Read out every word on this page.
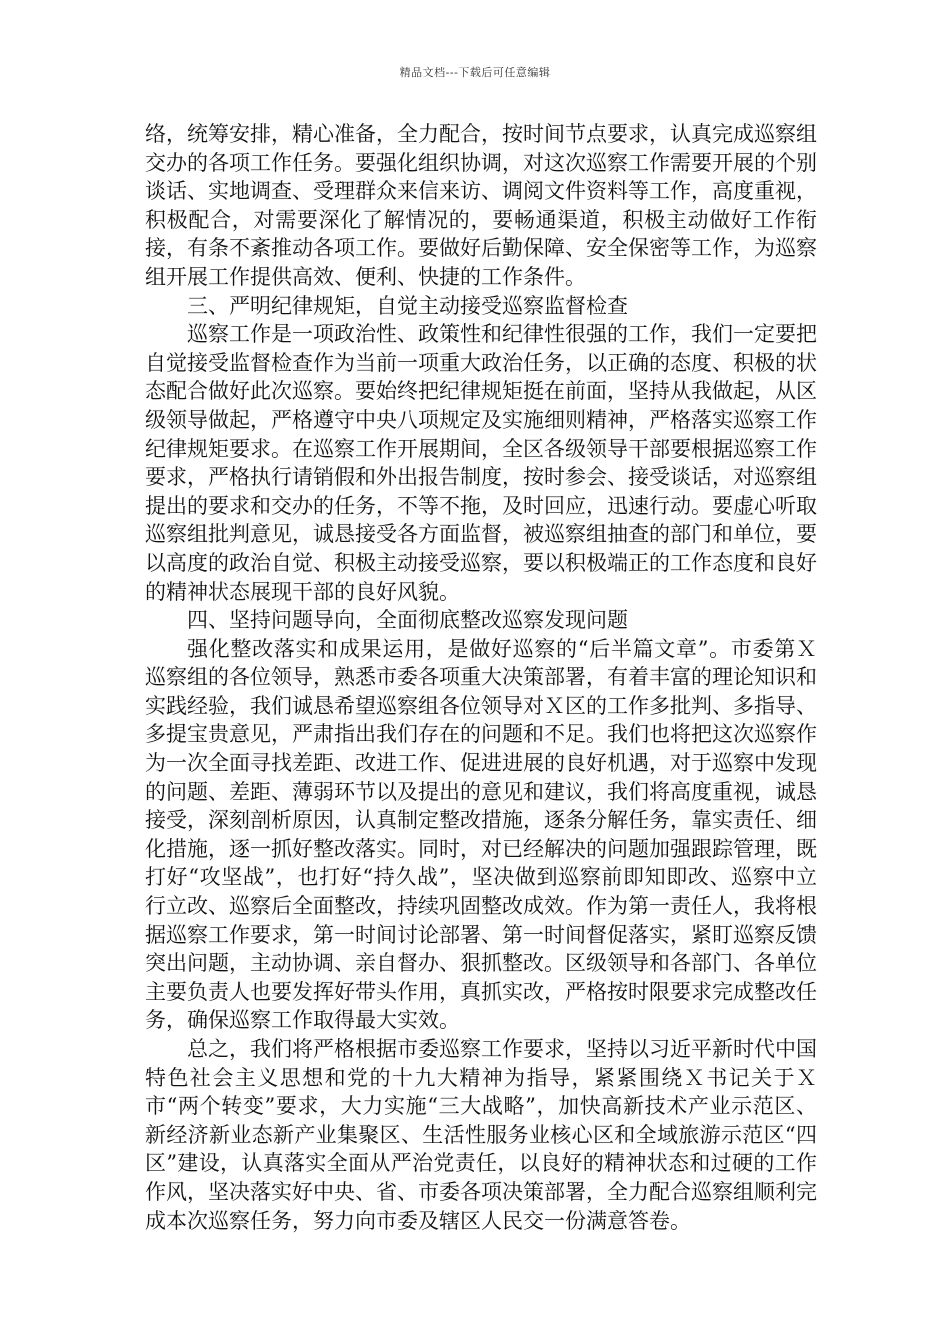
精品文档---下载后可任意编辑

络，统筹安排，精心准备，全力配合，按时间节点要求，认真完成巡察组交办的各项工作任务。要强化组织协调，对这次巡察工作需要开展的个别谈话、实地调查、受理群众来信来访、调阅文件资料等工作，高度重视，积极配合，对需要深化了解情况的，要畅通渠道，积极主动做好工作衔接，有条不紊推动各项工作。要做好后勤保障、安全保密等工作，为巡察组开展工作提供高效、便利、快捷的工作条件。

三、严明纪律规矩，自觉主动接受巡察监督检查

巡察工作是一项政治性、政策性和纪律性很强的工作，我们一定要把自觉接受监督检查作为当前一项重大政治任务，以正确的态度、积极的状态配合做好此次巡察。要始终把纪律规矩挺在前面，坚持从我做起，从区级领导做起，严格遵守中央八项规定及实施细则精神，严格落实巡察工作纪律规矩要求。在巡察工作开展期间，全区各级领导干部要根据巡察工作要求，严格执行请销假和外出报告制度，按时参会、接受谈话，对巡察组提出的要求和交办的任务，不等不拖，及时回应，迅速行动。要虚心听取巡察组批判意见，诚恳接受各方面监督，被巡察组抽查的部门和单位，要以高度的政治自觉、积极主动接受巡察，要以积极端正的工作态度和良好的精神状态展现干部的良好风貌。

四、坚持问题导向，全面彻底整改巡察发现问题

强化整改落实和成果运用，是做好巡察的“后半篇文章”。市委第Ｘ巡察组的各位领导，熟悉市委各项重大决策部署，有着丰富的理论知识和实践经验，我们诚恳希望巡察组各位领导对Ｘ区的工作多批判、多指导、多提宝贵意见，严肃指出我们存在的问题和不足。我们也将把这次巡察作为一次全面寻找差距、改进工作、促进进展的良好机遇，对于巡察中发现的问题、差距、薄弱环节以及提出的意见和建议，我们将高度重视，诚恳接受，深刻剖析原因，认真制定整改措施，逐条分解任务，靠实责任、细化措施，逐一抓好整改落实。同时，对已经解决的问题加强跟踪管理，既打好“攻坚战”，也打好“持久战”，坚决做到巡察前即知即改、巡察中立行立改、巡察后全面整改，持续巩固整改成效。作为第一责任人，我将根据巡察工作要求，第一时间讨论部署、第一时间督促落实，紧盯巡察反馈突出问题，主动协调、亲自督办、狠抓整改。区级领导和各部门、各单位主要负责人也要发挥好带头作用，真抓实改，严格按时限要求完成整改任务，确保巡察工作取得最大实效。

总之，我们将严格根据市委巡察工作要求，坚持以习近平新时代中国特色社会主义思想和党的十九大精神为指导，紧紧围绕Ｘ书记关于Ｘ市“两个转变”要求，大力实施“三大战略”，加快高新技术产业示范区、新经济新业态新产业集聚区、生活性服务业核心区和全域旅游示范区“四区”建设，认真落实全面从严治党责任，以良好的精神状态和过硬的工作作风，坚决落实好中央、省、市委各项决策部署，全力配合巡察组顺利完成本次巡察任务，努力向市委及辖区人民交一份满意答卷。
